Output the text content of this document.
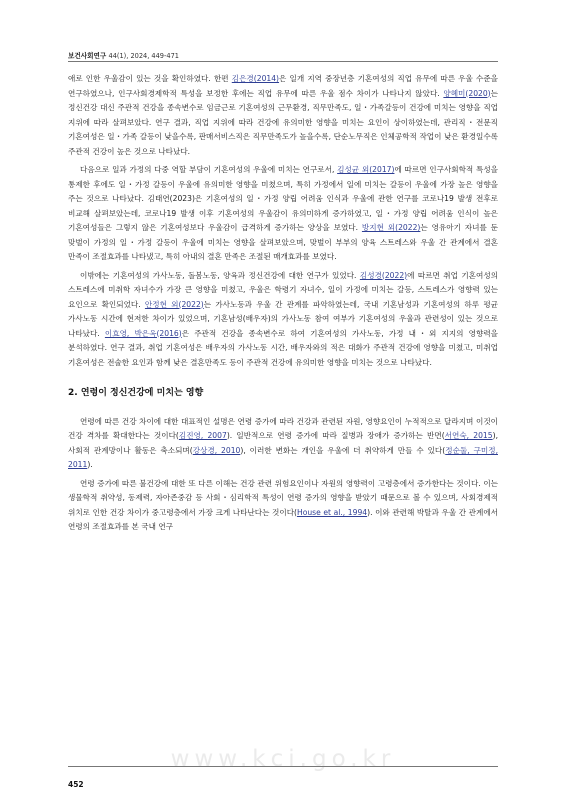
보건사회연구 44(1), 2024, 449-471

애로 인한 우울감이 있는 것을 확인하였다. 한편 김은경(2014)은 일개 지역 중장년층 기혼여성의 직업 유무에 따른 우울 수준을 연구하였으나, 인구사회경제학적 특성을 보정한 후에는 직업 유무에 따른 우울 점수 차이가 나타나지 않았다. 양혜미(2020)는 정신건강 대신 주관적 건강을 종속변수로 임금근로 기혼여성의 근무환경, 직무만족도, 일・가족갈등이 건강에 미치는 영향을 직업 지위에 따라 살펴보았다. 연구 결과, 직업 지위에 따라 건강에 유의미한 영향을 미치는 요인이 상이하였는데, 관리직・전문직 기혼여성은 일・가족 갈등이 낮을수록, 판매서비스직은 직무만족도가 높을수록, 단순노무직은 인체공학적 작업이 낮은 환경일수록 주관적 건강이 높은 것으로 나타났다.

다음으로 일과 가정의 다중 역할 부담이 기혼여성의 우울에 미치는 연구로서, 김성균 외(2017)에 따르면 인구사회학적 특성을 통제한 후에도 일・가정 갈등이 우울에 유의미한 영향을 미쳤으며, 특히 가정에서 일에 미치는 갈등이 우울에 가장 높은 영향을 주는 것으로 나타났다. 김태연(2023)은 기혼여성의 일・가정 양립 어려움 인식과 우울에 관한 연구를 코로나19 발생 전후로 비교해 살펴보았는데, 코로나19 발생 이후 기혼여성의 우울감이 유의미하게 증가하였고, 일・가정 양립 어려움 인식이 높은 기혼여성들은 그렇지 않은 기혼여성보다 우울감이 급격하게 증가하는 양상을 보였다. 방지현 외(2022)는 영유아기 자녀를 둔 맞벌이 가정의 일・가정 갈등이 우울에 미치는 영향을 살펴보았으며, 맞벌이 부부의 양육 스트레스와 우울 간 관계에서 결혼 만족이 조절효과를 나타냈고, 특히 아내의 결혼 만족은 조절된 매개효과를 보였다.

이밖에는 기혼여성의 가사노동, 돌봄노동, 양육과 정신건강에 대한 연구가 있었다. 김성경(2022)에 따르면 취업 기혼여성의 스트레스에 미취학 자녀수가 가장 큰 영향을 미쳤고, 우울은 학령기 자녀수, 일이 가정에 미치는 갈등, 스트레스가 영향력 있는 요인으로 확인되었다. 안정현 외(2022)는 가사노동과 우울 간 관계를 파악하였는데, 국내 기혼남성과 기혼여성의 하루 평균 가사노동 시간에 현저한 차이가 있었으며, 기혼남성(배우자)의 가사노동 참여 여부가 기혼여성의 우울과 관련성이 있는 것으로 나타났다. 이효영, 박은옥(2016)은 주관적 건강을 종속변수로 하여 기혼여성의 가사노동, 가정 내・외 지지의 영향력을 분석하였다. 연구 결과, 취업 기혼여성은 배우자의 가사노동 시간, 배우자와의 적은 대화가 주관적 건강에 영향을 미쳤고, 미취업 기혼여성은 전술한 요인과 함께 낮은 결혼만족도 등이 주관적 건강에 유의미한 영향을 미치는 것으로 나타났다.

2. 연령이 정신건강에 미치는 영향

연령에 따른 건강 차이에 대한 대표적인 설명은 연령 증가에 따라 건강과 관련된 자원, 영향요인이 누적적으로 달라지며 이것이 건강 격차를 확대한다는 것이다(김진영, 2007). 일반적으로 연령 증가에 따라 질병과 장애가 증가하는 반면(서연숙, 2015), 사회적 관계망이나 활동은 축소되며(강상경, 2010), 이러한 변화는 개인을 우울에 더 취약하게 만들 수 있다(정순둘, 구미정, 2011).

연령 증가에 따른 불건강에 대한 또 다른 이해는 건강 관련 위험요인이나 자원의 영향력이 고령층에서 증가한다는 것이다. 이는 생물학적 취약성, 동제력, 자아존중감 등 사회・심리학적 특성이 연령 증가의 영향을 받았기 때문으로 볼 수 있으며, 사회경제적 위치로 인한 건강 차이가 중고령층에서 가장 크게 나타난다는 것이다(House et al., 1994). 이와 관련해 박탈과 우울 간 관계에서 연령의 조절효과를 본 국내 연구

www.kci.go.kr
452
